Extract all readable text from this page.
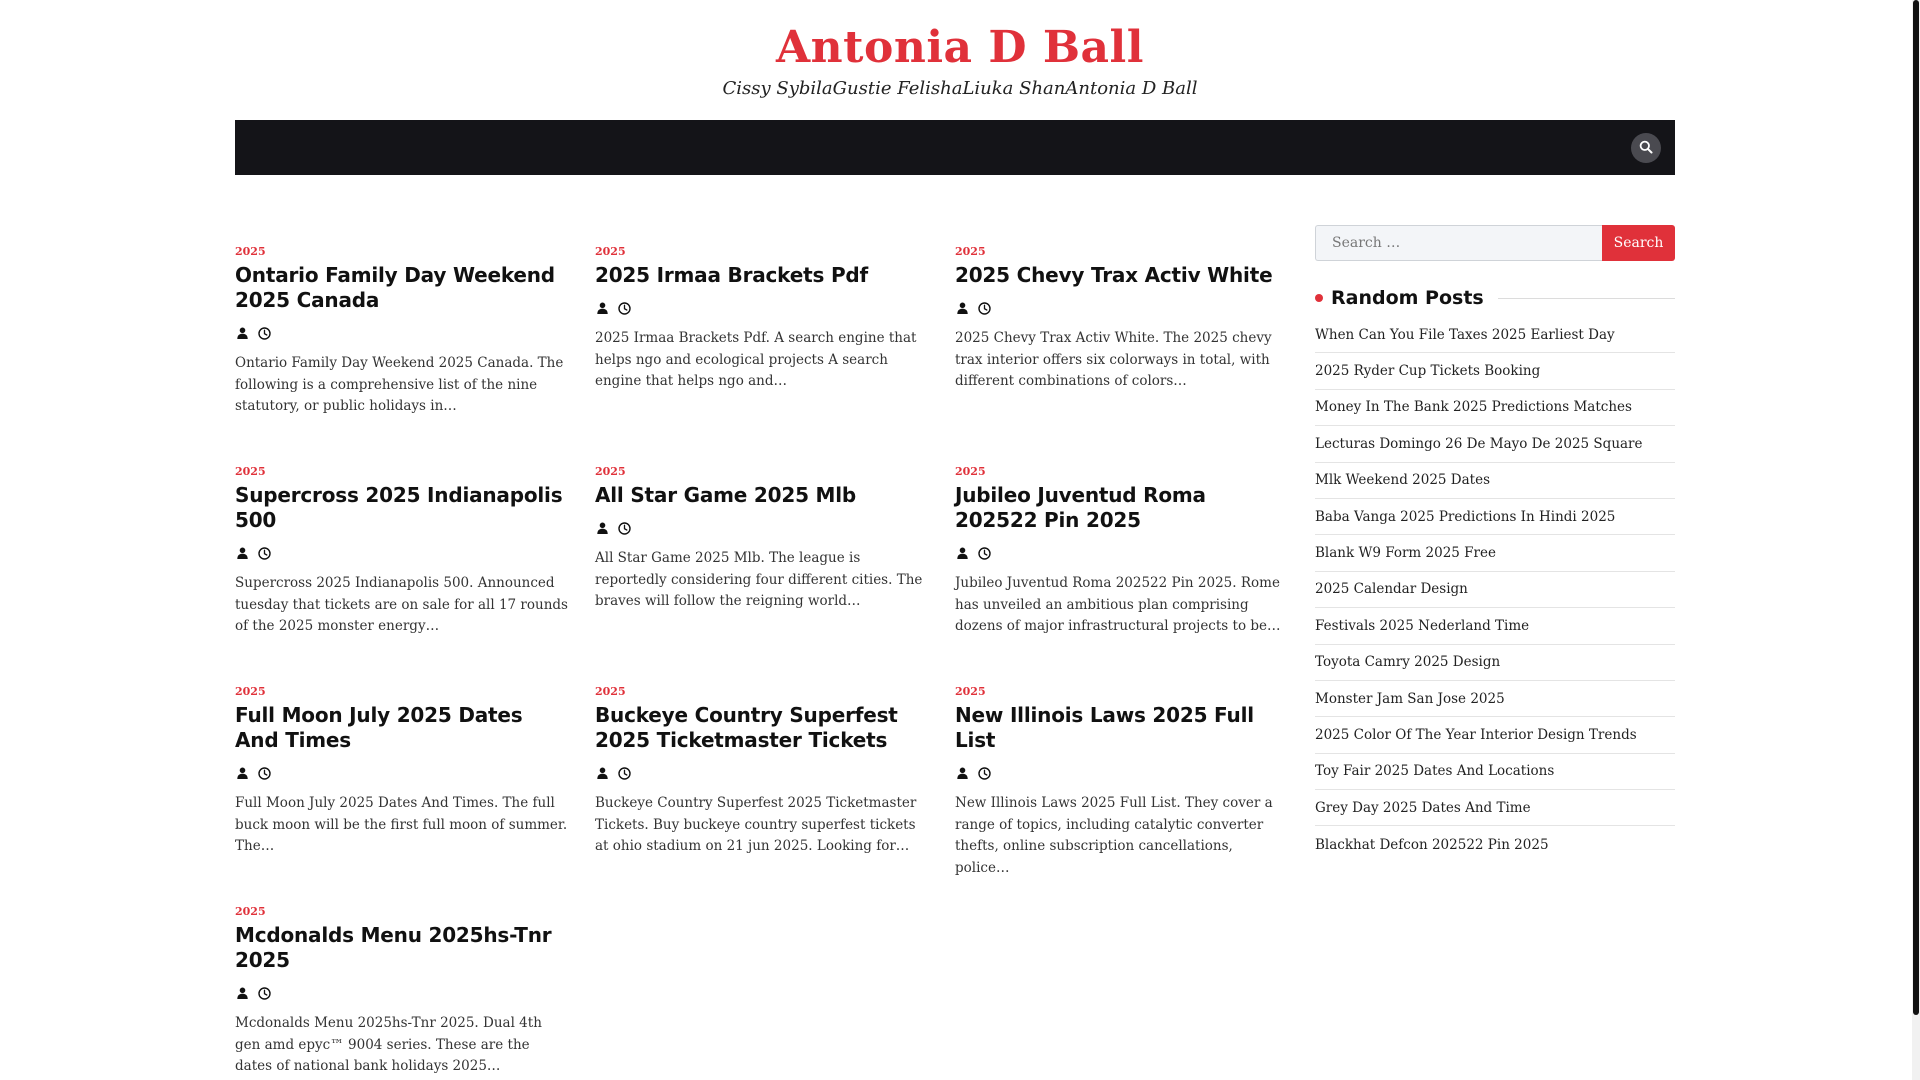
Antonia D Ball

Cissy SybilaGustie FelishaLiuka ShanAntonia D Ball

2025
Ontario Family Day Weekend 2025 Canada

Ontario Family Day Weekend 2025 Canada. The following is a comprehensive list of the nine statutory, or public holidays in…

2025
2025 Irmaa Brackets Pdf

2025 Irmaa Brackets Pdf. A search engine that helps ngo and ecological projects A search engine that helps ngo and…

2025
2025 Chevy Trax Activ White

2025 Chevy Trax Activ White. The 2025 chevy trax interior offers six colorways in total, with different combinations of colors…

2025
Supercross 2025 Indianapolis 500

Supercross 2025 Indianapolis 500. Announced tuesday that tickets are on sale for all 17 rounds of the 2025 monster energy…

2025
All Star Game 2025 Mlb

All Star Game 2025 Mlb. The league is reportedly considering four different cities. The braves will follow the reigning world…

2025
Jubileo Juventud Roma 202522 Pin 2025

Jubileo Juventud Roma 202522 Pin 2025. Rome has unveiled an ambitious plan comprising dozens of major infrastructural projects to be…

2025
Full Moon July 2025 Dates And Times

Full Moon July 2025 Dates And Times. The full buck moon will be the first full moon of summer. The…

2025
Buckeye Country Superfest 2025 Ticketmaster Tickets

Buckeye Country Superfest 2025 Ticketmaster Tickets. Buy buckeye country superfest tickets at ohio stadium on 21 jun 2025. Looking for…

2025
New Illinois Laws 2025 Full List

New Illinois Laws 2025 Full List. They cover a range of topics, including catalytic converter thefts, online subscription cancellations, police…

2025
Mcdonalds Menu 2025hs-Tnr 2025

Mcdonalds Menu 2025hs-Tnr 2025. Dual 4th gen amd epyc™ 9004 series. These are the dates of national bank holidays 2025…

Search …
Search
Random Posts
When Can You File Taxes 2025 Earliest Day
2025 Ryder Cup Tickets Booking
Money In The Bank 2025 Predictions Matches
Lecturas Domingo 26 De Mayo De 2025 Square
Mlk Weekend 2025 Dates
Baba Vanga 2025 Predictions In Hindi 2025
Blank W9 Form 2025 Free
2025 Calendar Design
Festivals 2025 Nederland Time
Toyota Camry 2025 Design
Monster Jam San Jose 2025
2025 Color Of The Year Interior Design Trends
Toy Fair 2025 Dates And Locations
Grey Day 2025 Dates And Time
Blackhat Defcon 202522 Pin 2025
